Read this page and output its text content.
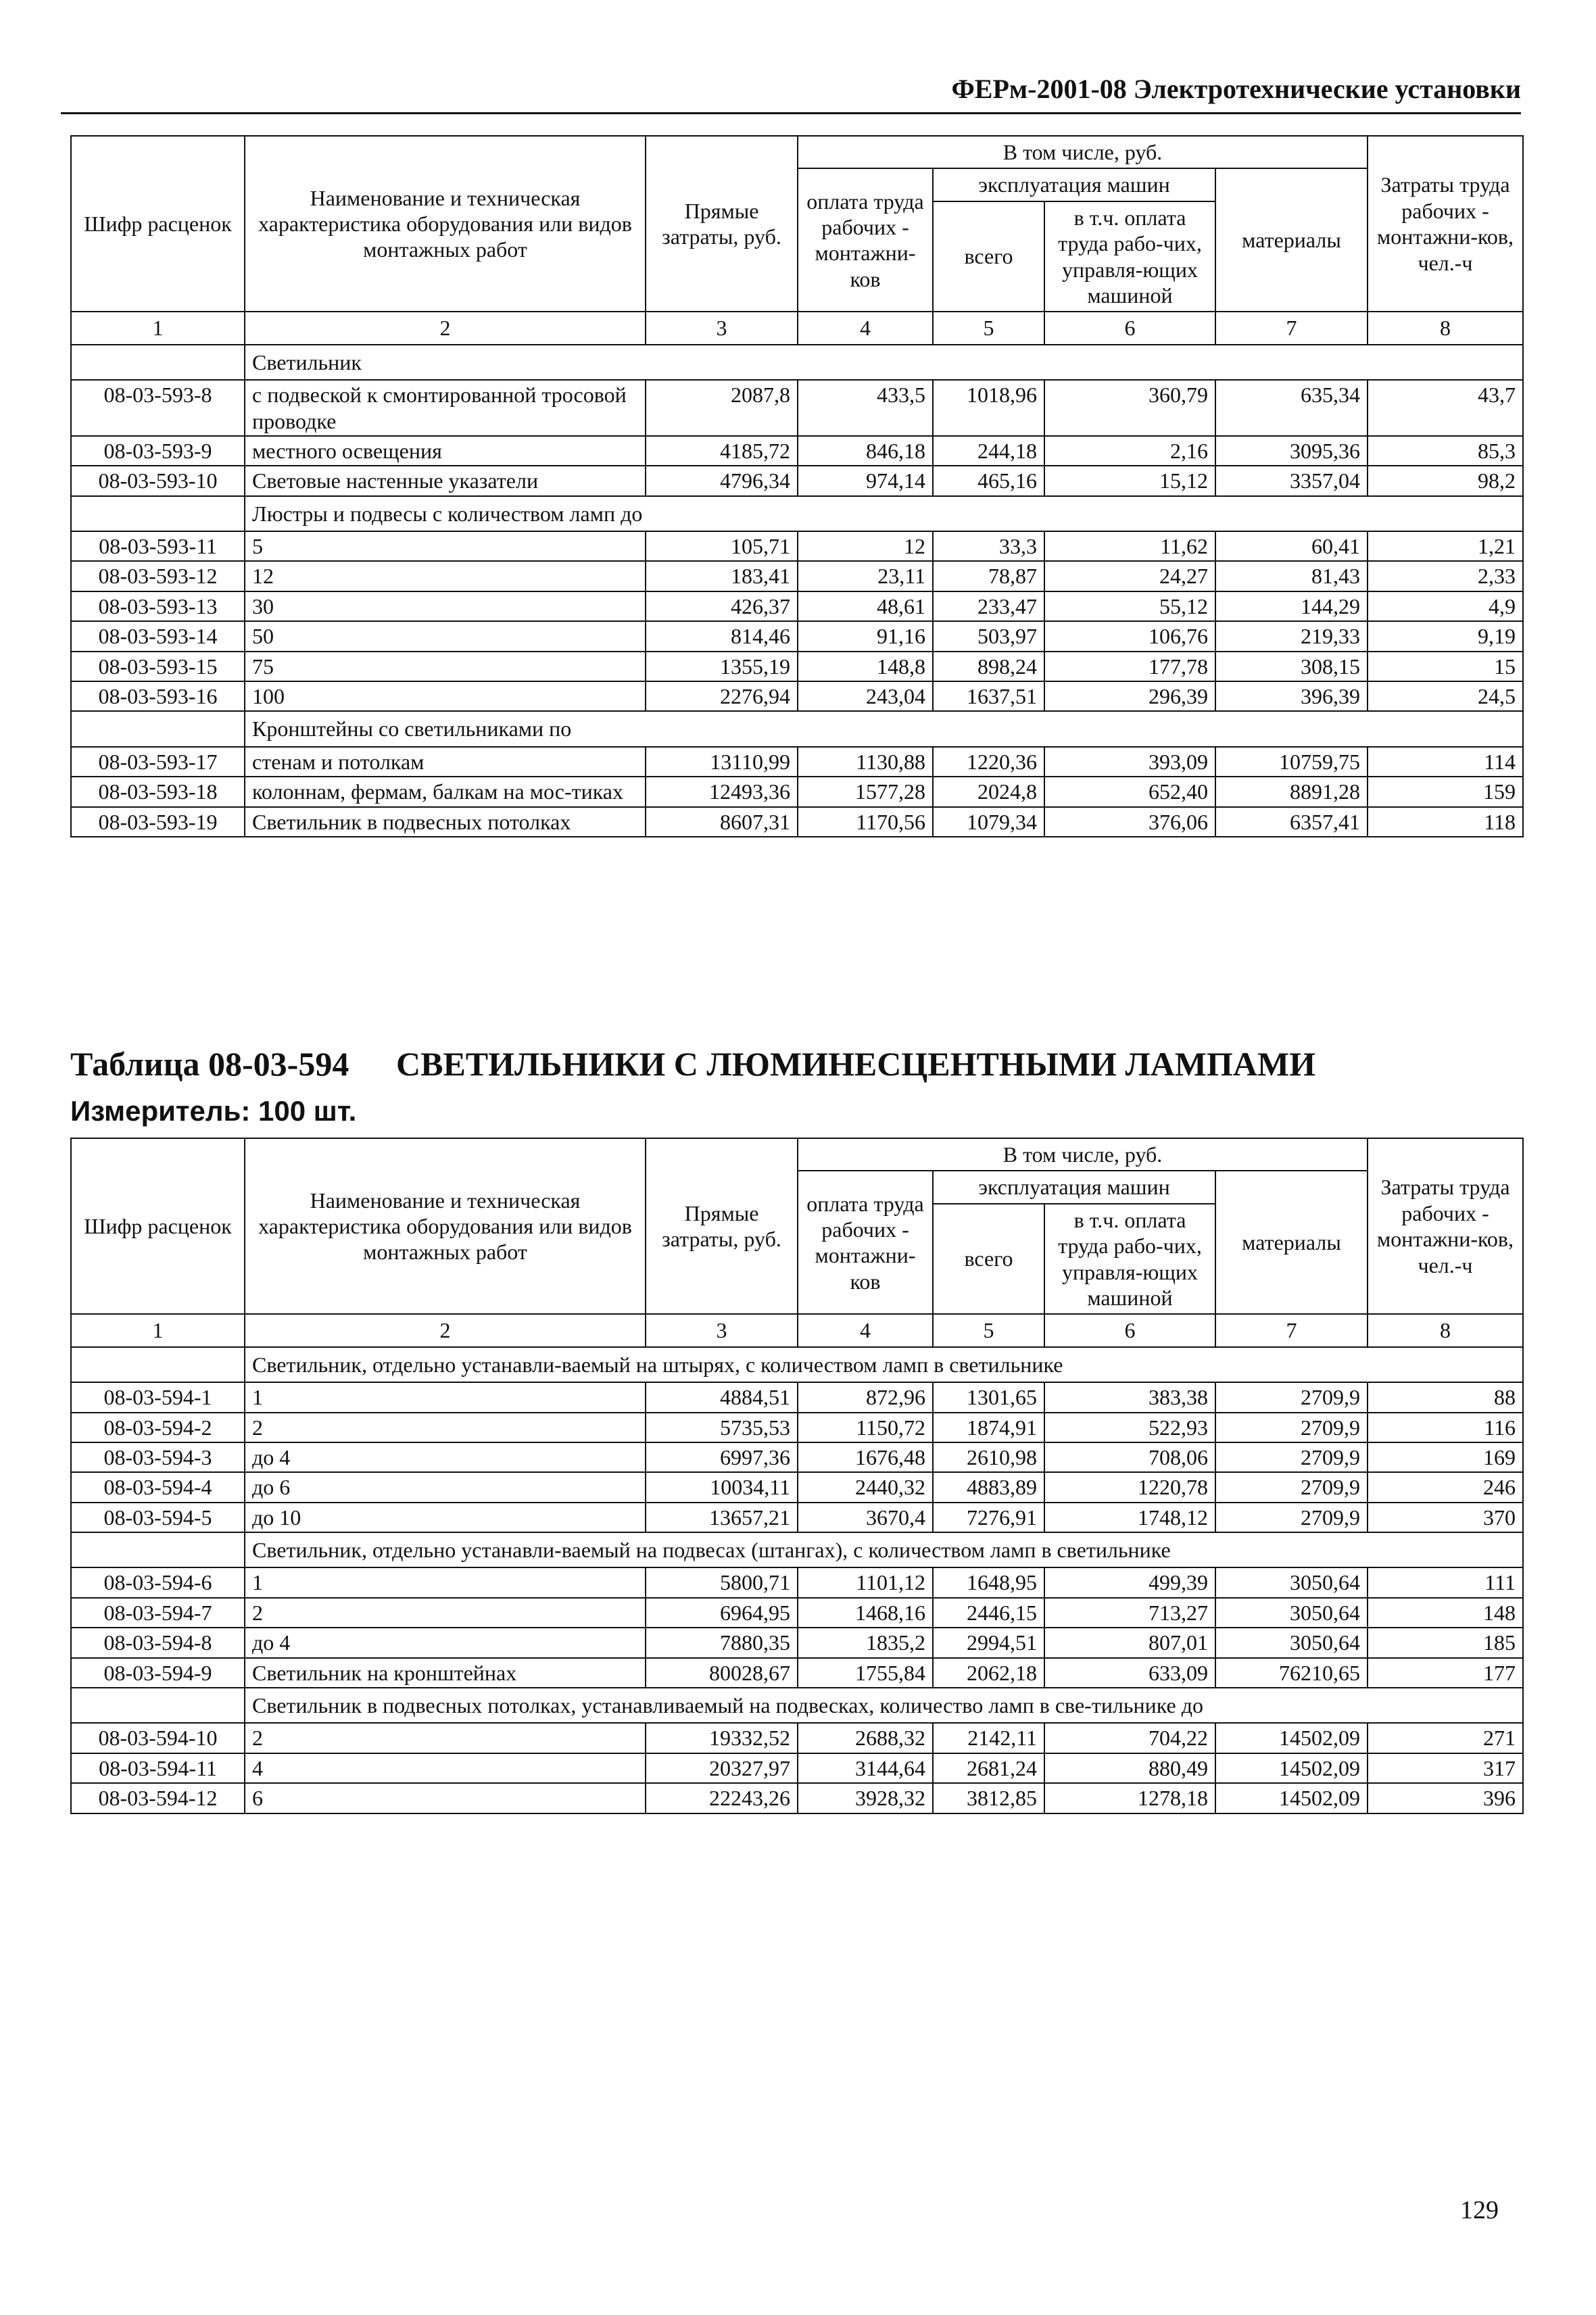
ФЕРм-2001-08 Электротехнические установки
Шифр расценок	Наименование и техническая характеристика оборудования или видов монтажных работ	Прямые затраты, руб.	В том числе, руб.				Затраты труда рабочих - монтажни-ков,
чел.-ч
			оплата труда рабочих - монтажни-ков	эксплуатация машин		материалы	
				всего	в т.ч. оплата труда рабо-чих, управля-ющих машиной		
1	2	3	4	5	6	7	8
	Светильник						
08-03-593-8	с подвеской к смонтированной тросовой проводке	2087,8	433,5	1018,96	360,79	635,34	43,7
08-03-593-9	местного освещения	4185,72	846,18	244,18	2,16	3095,36	85,3
08-03-593-10	Световые настенные указатели	4796,34	974,14	465,16	15,12	3357,04	98,2
	Люстры и подвесы с количеством ламп до						
08-03-593-11	5	105,71	12	33,3	11,62	60,41	1,21
08-03-593-12	12	183,41	23,11	78,87	24,27	81,43	2,33
08-03-593-13	30	426,37	48,61	233,47	55,12	144,29	4,9
08-03-593-14	50	814,46	91,16	503,97	106,76	219,33	9,19
08-03-593-15	75	1355,19	148,8	898,24	177,78	308,15	15
08-03-593-16	100	2276,94	243,04	1637,51	296,39	396,39	24,5
	Кронштейны со светильниками по						
08-03-593-17	стенам и потолкам	13110,99	1130,88	1220,36	393,09	10759,75	114
08-03-593-18	колоннам, фермам, балкам на мос-тиках	12493,36	1577,28	2024,8	652,40	8891,28	159
08-03-593-19	Светильник в подвесных потолках	8607,31	1170,56	1079,34	376,06	6357,41	118
Таблица 08-03-594 СВЕТИЛЬНИКИ С ЛЮМИНЕСЦЕНТНЫМИ ЛАМПАМИ
Измеритель: 100 шт.
Шифр расценок	Наименование и техническая характеристика оборудования или видов монтажных работ	Прямые затраты, руб.	В том числе, руб.				Затраты труда рабочих - монтажни-ков,
чел.-ч
			оплата труда рабочих - монтажни-ков	эксплуатация машин		материалы	
				всего	в т.ч. оплата труда рабо-чих, управля-ющих машиной		
1	2	3	4	5	6	7	8
	Светильник, отдельно устанавли-ваемый на штырях, с количеством ламп в светильнике						
08-03-594-1	1	4884,51	872,96	1301,65	383,38	2709,9	88
08-03-594-2	2	5735,53	1150,72	1874,91	522,93	2709,9	116
08-03-594-3	до 4	6997,36	1676,48	2610,98	708,06	2709,9	169
08-03-594-4	до 6	10034,11	2440,32	4883,89	1220,78	2709,9	246
08-03-594-5	до 10	13657,21	3670,4	7276,91	1748,12	2709,9	370
	Светильник, отдельно устанавли-ваемый на подвесах (штангах), с количеством ламп в светильнике						
08-03-594-6	1	5800,71	1101,12	1648,95	499,39	3050,64	111
08-03-594-7	2	6964,95	1468,16	2446,15	713,27	3050,64	148
08-03-594-8	до 4	7880,35	1835,2	2994,51	807,01	3050,64	185
08-03-594-9	Светильник на кронштейнах	80028,67	1755,84	2062,18	633,09	76210,65	177
	Светильник в подвесных потолках, устанавливаемый на подвесках, количество ламп в све-тильнике до						
08-03-594-10	2	19332,52	2688,32	2142,11	704,22	14502,09	271
08-03-594-11	4	20327,97	3144,64	2681,24	880,49	14502,09	317
08-03-594-12	6	22243,26	3928,32	3812,85	1278,18	14502,09	396
129
